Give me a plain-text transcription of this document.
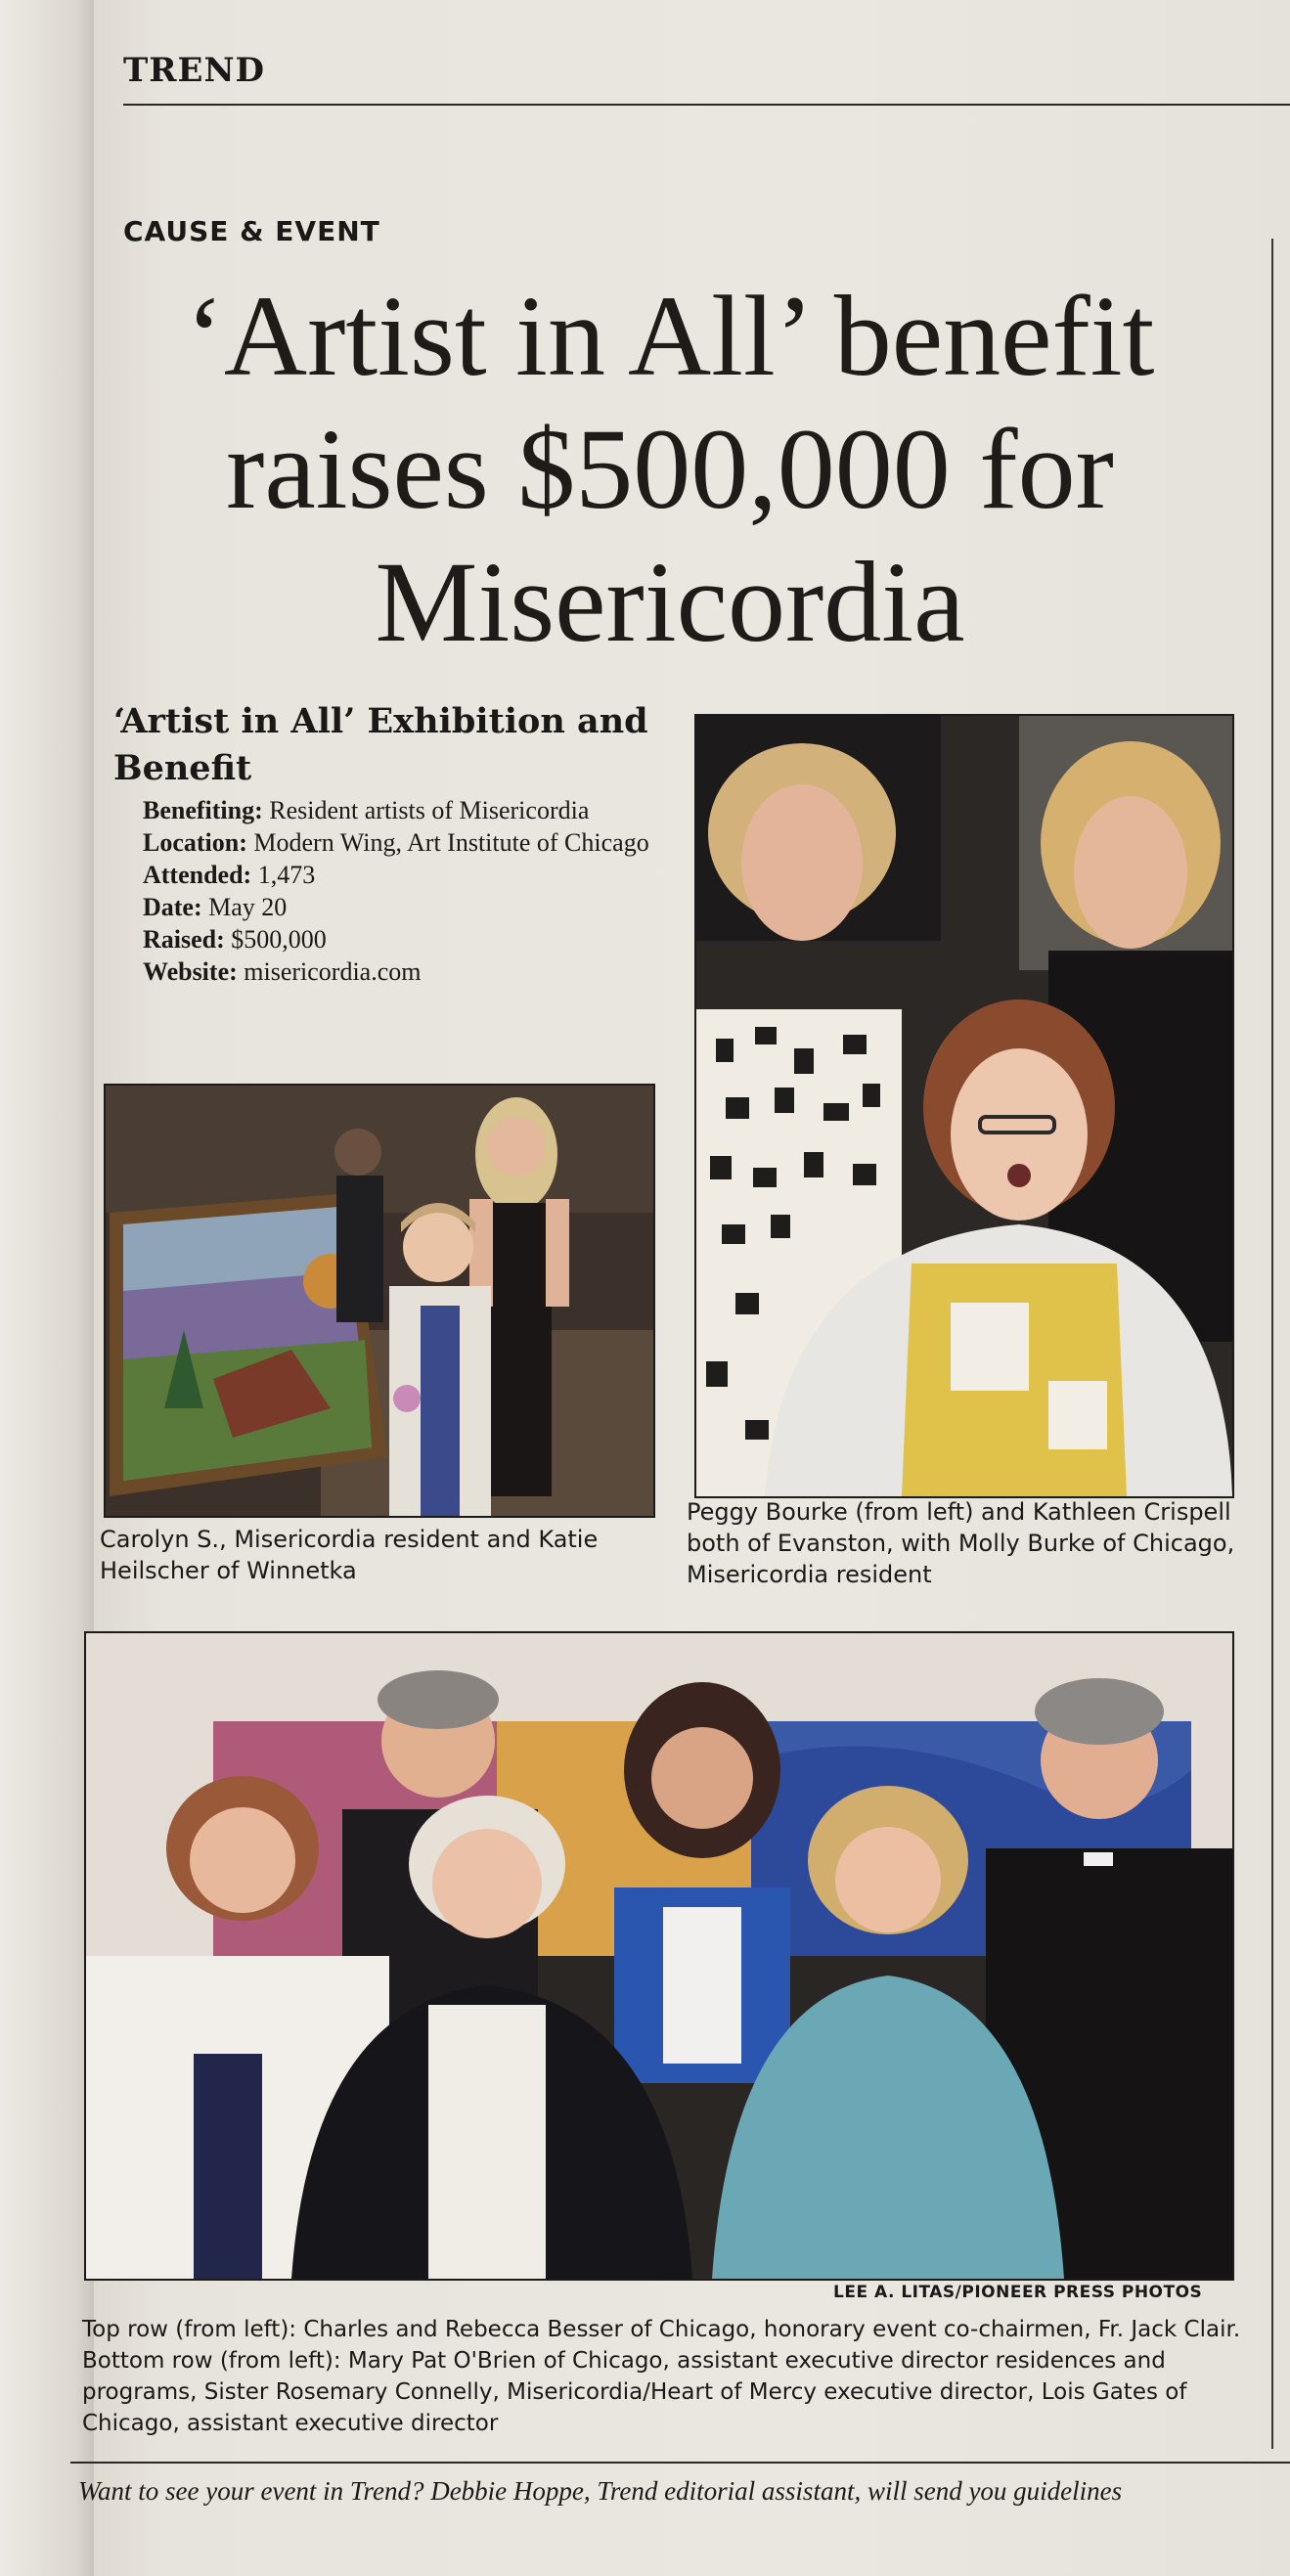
TREND
CAUSE & EVENT
‘Artist in All’ benefit raises $500,000 for Misericordia
‘Artist in All’ Exhibition and Benefit
Benefiting: Resident artists of Misericordia
Location: Modern Wing, Art Institute of Chicago
Attended: 1,473
Date: May 20
Raised: $500,000
Website: misericordia.com
Carolyn S., Misericordia resident and Katie Heilscher of Winnetka
Peggy Bourke (from left) and Kathleen Crispell both of Evanston, with Molly Burke of Chicago, Misericordia resident
LEE A. LITAS/PIONEER PRESS PHOTOS
Top row (from left): Charles and Rebecca Besser of Chicago, honorary event co-chairmen, Fr. Jack Clair. Bottom row (from left): Mary Pat O'Brien of Chicago, assistant executive director residences and programs, Sister Rosemary Connelly, Misericordia/Heart of Mercy executive director, Lois Gates of Chicago, assistant executive director
Want to see your event in Trend? Debbie Hoppe, Trend editorial assistant, will send you guidelines
